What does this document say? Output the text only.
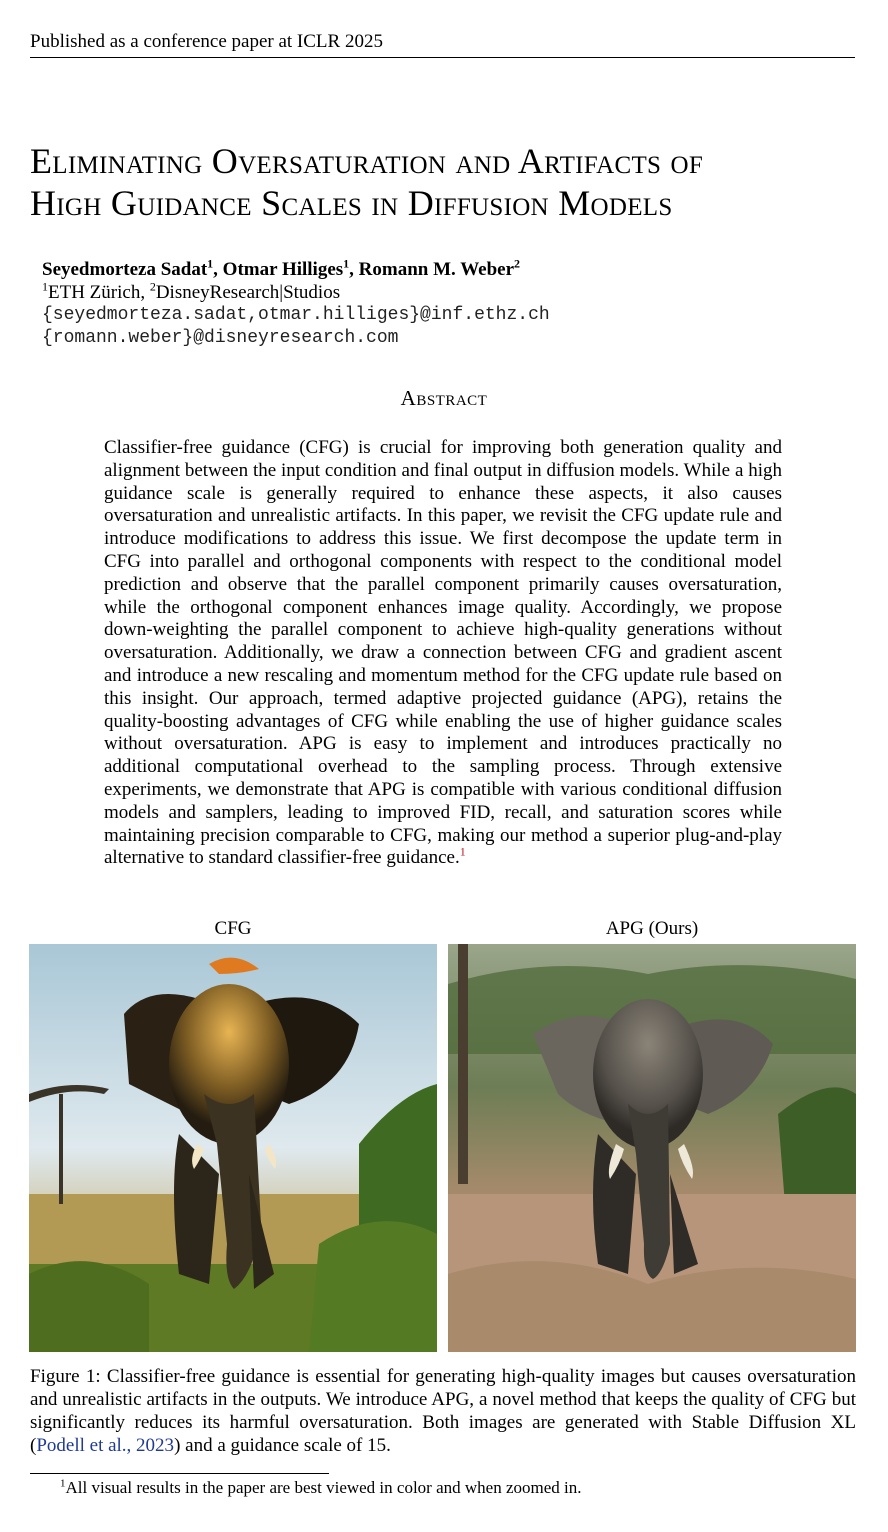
Published as a conference paper at ICLR 2025
Eliminating Oversaturation and Artifacts of
High Guidance Scales in Diffusion Models
Seyedmorteza Sadat$^1$, Otmar Hilliges$^1$, Romann M. Weber$^2$
$^1$ETH Zürich, $^2$DisneyResearch|Studios
{seyedmorteza.sadat,otmar.hilliges}@inf.ethz.ch
{romann.weber}@disneyresearch.com
Abstract
Classifier-free guidance (CFG) is crucial for improving both generation quality and alignment between the input condition and final output in diffusion models. While a high guidance scale is generally required to enhance these aspects, it also causes oversaturation and unrealistic artifacts. In this paper, we revisit the CFG update rule and introduce modifications to address this issue. We first decompose the update term in CFG into parallel and orthogonal components with respect to the conditional model prediction and observe that the parallel component primarily causes oversaturation, while the orthogonal component enhances image quality. Accordingly, we propose down-weighting the parallel component to achieve high-quality generations without oversaturation. Additionally, we draw a connection between CFG and gradient ascent and introduce a new rescaling and momentum method for the CFG update rule based on this insight. Our approach, termed adaptive projected guidance (APG), retains the quality-boosting advantages of CFG while enabling the use of higher guidance scales without oversaturation. APG is easy to implement and introduces practically no additional computational overhead to the sampling process. Through extensive experiments, we demonstrate that APG is compatible with various conditional diffusion models and samplers, leading to improved FID, recall, and saturation scores while maintaining precision comparable to CFG, making our method a superior plug-and-play alternative to standard classifier-free guidance.$^1$
CFG	APG (Ours)
Figure 1: Classifier-free guidance is essential for generating high-quality images but causes oversaturation and unrealistic artifacts in the outputs. We introduce APG, a novel method that keeps the quality of CFG but significantly reduces its harmful oversaturation. Both images are generated with Stable Diffusion XL (Podell et al., 2023) and a guidance scale of 15.
$^1$All visual results in the paper are best viewed in color and when zoomed in.
